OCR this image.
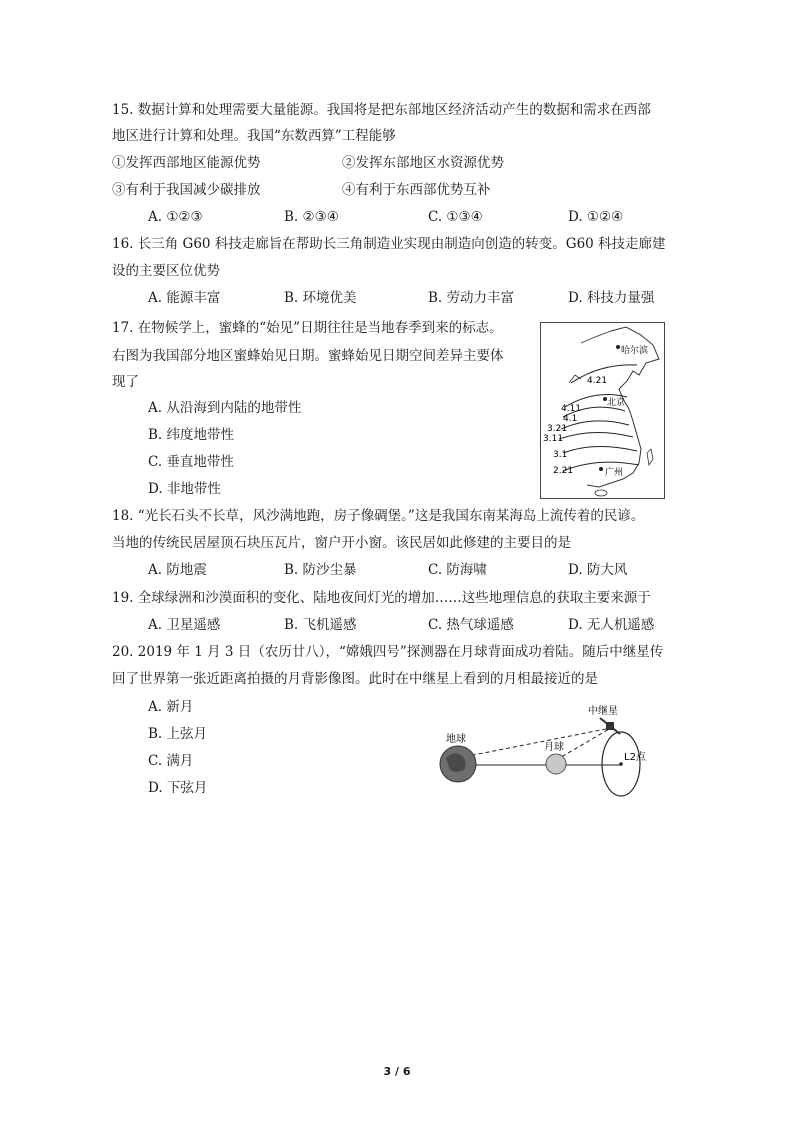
15. 数据计算和处理需要大量能源。我国将是把东部地区经济活动产生的数据和需求在西部
地区进行计算和处理。我国“东数西算”工程能够
①发挥西部地区能源优势	②发挥东部地区水资源优势
③有利于我国减少碳排放	④有利于东西部优势互补
A. ①②③	B. ②③④	C. ①③④	D. ①②④
16. 长三角 G60 科技走廊旨在帮助长三角制造业实现由制造向创造的转变。G60 科技走廊建
设的主要区位优势
A. 能源丰富	B. 环境优美	B. 劳动力丰富	D. 科技力量强
17. 在物候学上，蜜蜂的“始见”日期往往是当地春季到来的标志。
右图为我国部分地区蜜蜂始见日期。蜜蜂始见日期空间差异主要体
现了
A. 从沿海到内陆的地带性
B. 纬度地带性
C. 垂直地带性
D. 非地带性
哈尔滨
北京
广州
4.21
4.11
4.1
3.21
3.11
3.1
2.21
18. “光长石头不长草，风沙满地跑，房子像碉堡。”这是我国东南某海岛上流传着的民谚。
当地的传统民居屋顶石块压瓦片，窗户开小窗。该民居如此修建的主要目的是
A. 防地震	B. 防沙尘暴	C. 防海啸	D. 防大风
19. 全球绿洲和沙漠面积的变化、陆地夜间灯光的增加……这些地理信息的获取主要来源于
A. 卫星遥感	B. 飞机遥感	C. 热气球遥感	D. 无人机遥感
20. 2019 年 1 月 3 日（农历廿八），“嫦娥四号”探测器在月球背面成功着陆。随后中继星传
回了世界第一张近距离拍摄的月背影像图。此时在中继星上看到的月相最接近的是
A. 新月
B. 上弦月
C. 满月
D. 下弦月
地球
月球
中继星
L2点
3 / 6
